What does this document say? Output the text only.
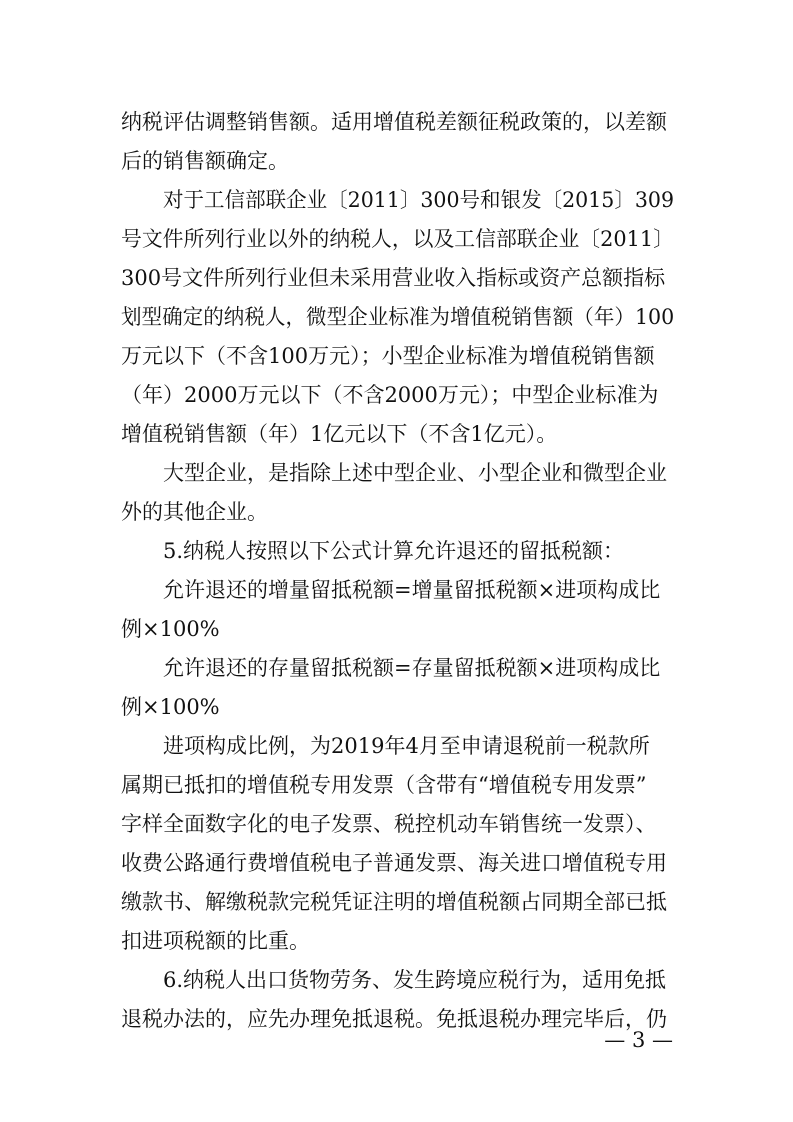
纳税评估调整销售额。适用增值税差额征税政策的，以差额
后的销售额确定。
对于工信部联企业〔2011〕300号和银发〔2015〕309
号文件所列行业以外的纳税人，以及工信部联企业〔2011〕
300号文件所列行业但未采用营业收入指标或资产总额指标
划型确定的纳税人，微型企业标准为增值税销售额（年）100
万元以下（不含100万元）；小型企业标准为增值税销售额
（年）2000万元以下（不含2000万元）；中型企业标准为
增值税销售额（年）1亿元以下（不含1亿元）。
大型企业，是指除上述中型企业、小型企业和微型企业
外的其他企业。
5.纳税人按照以下公式计算允许退还的留抵税额：
允许退还的增量留抵税额=增量留抵税额×进项构成比
例×100%
允许退还的存量留抵税额=存量留抵税额×进项构成比
例×100%
进项构成比例，为2019年4月至申请退税前一税款所
属期已抵扣的增值税专用发票（含带有“增值税专用发票”
字样全面数字化的电子发票、税控机动车销售统一发票）、
收费公路通行费增值税电子普通发票、海关进口增值税专用
缴款书、解缴税款完税凭证注明的增值税额占同期全部已抵
扣进项税额的比重。
6.纳税人出口货物劳务、发生跨境应税行为，适用免抵
退税办法的，应先办理免抵退税。免抵退税办理完毕后，仍
— 3 —
